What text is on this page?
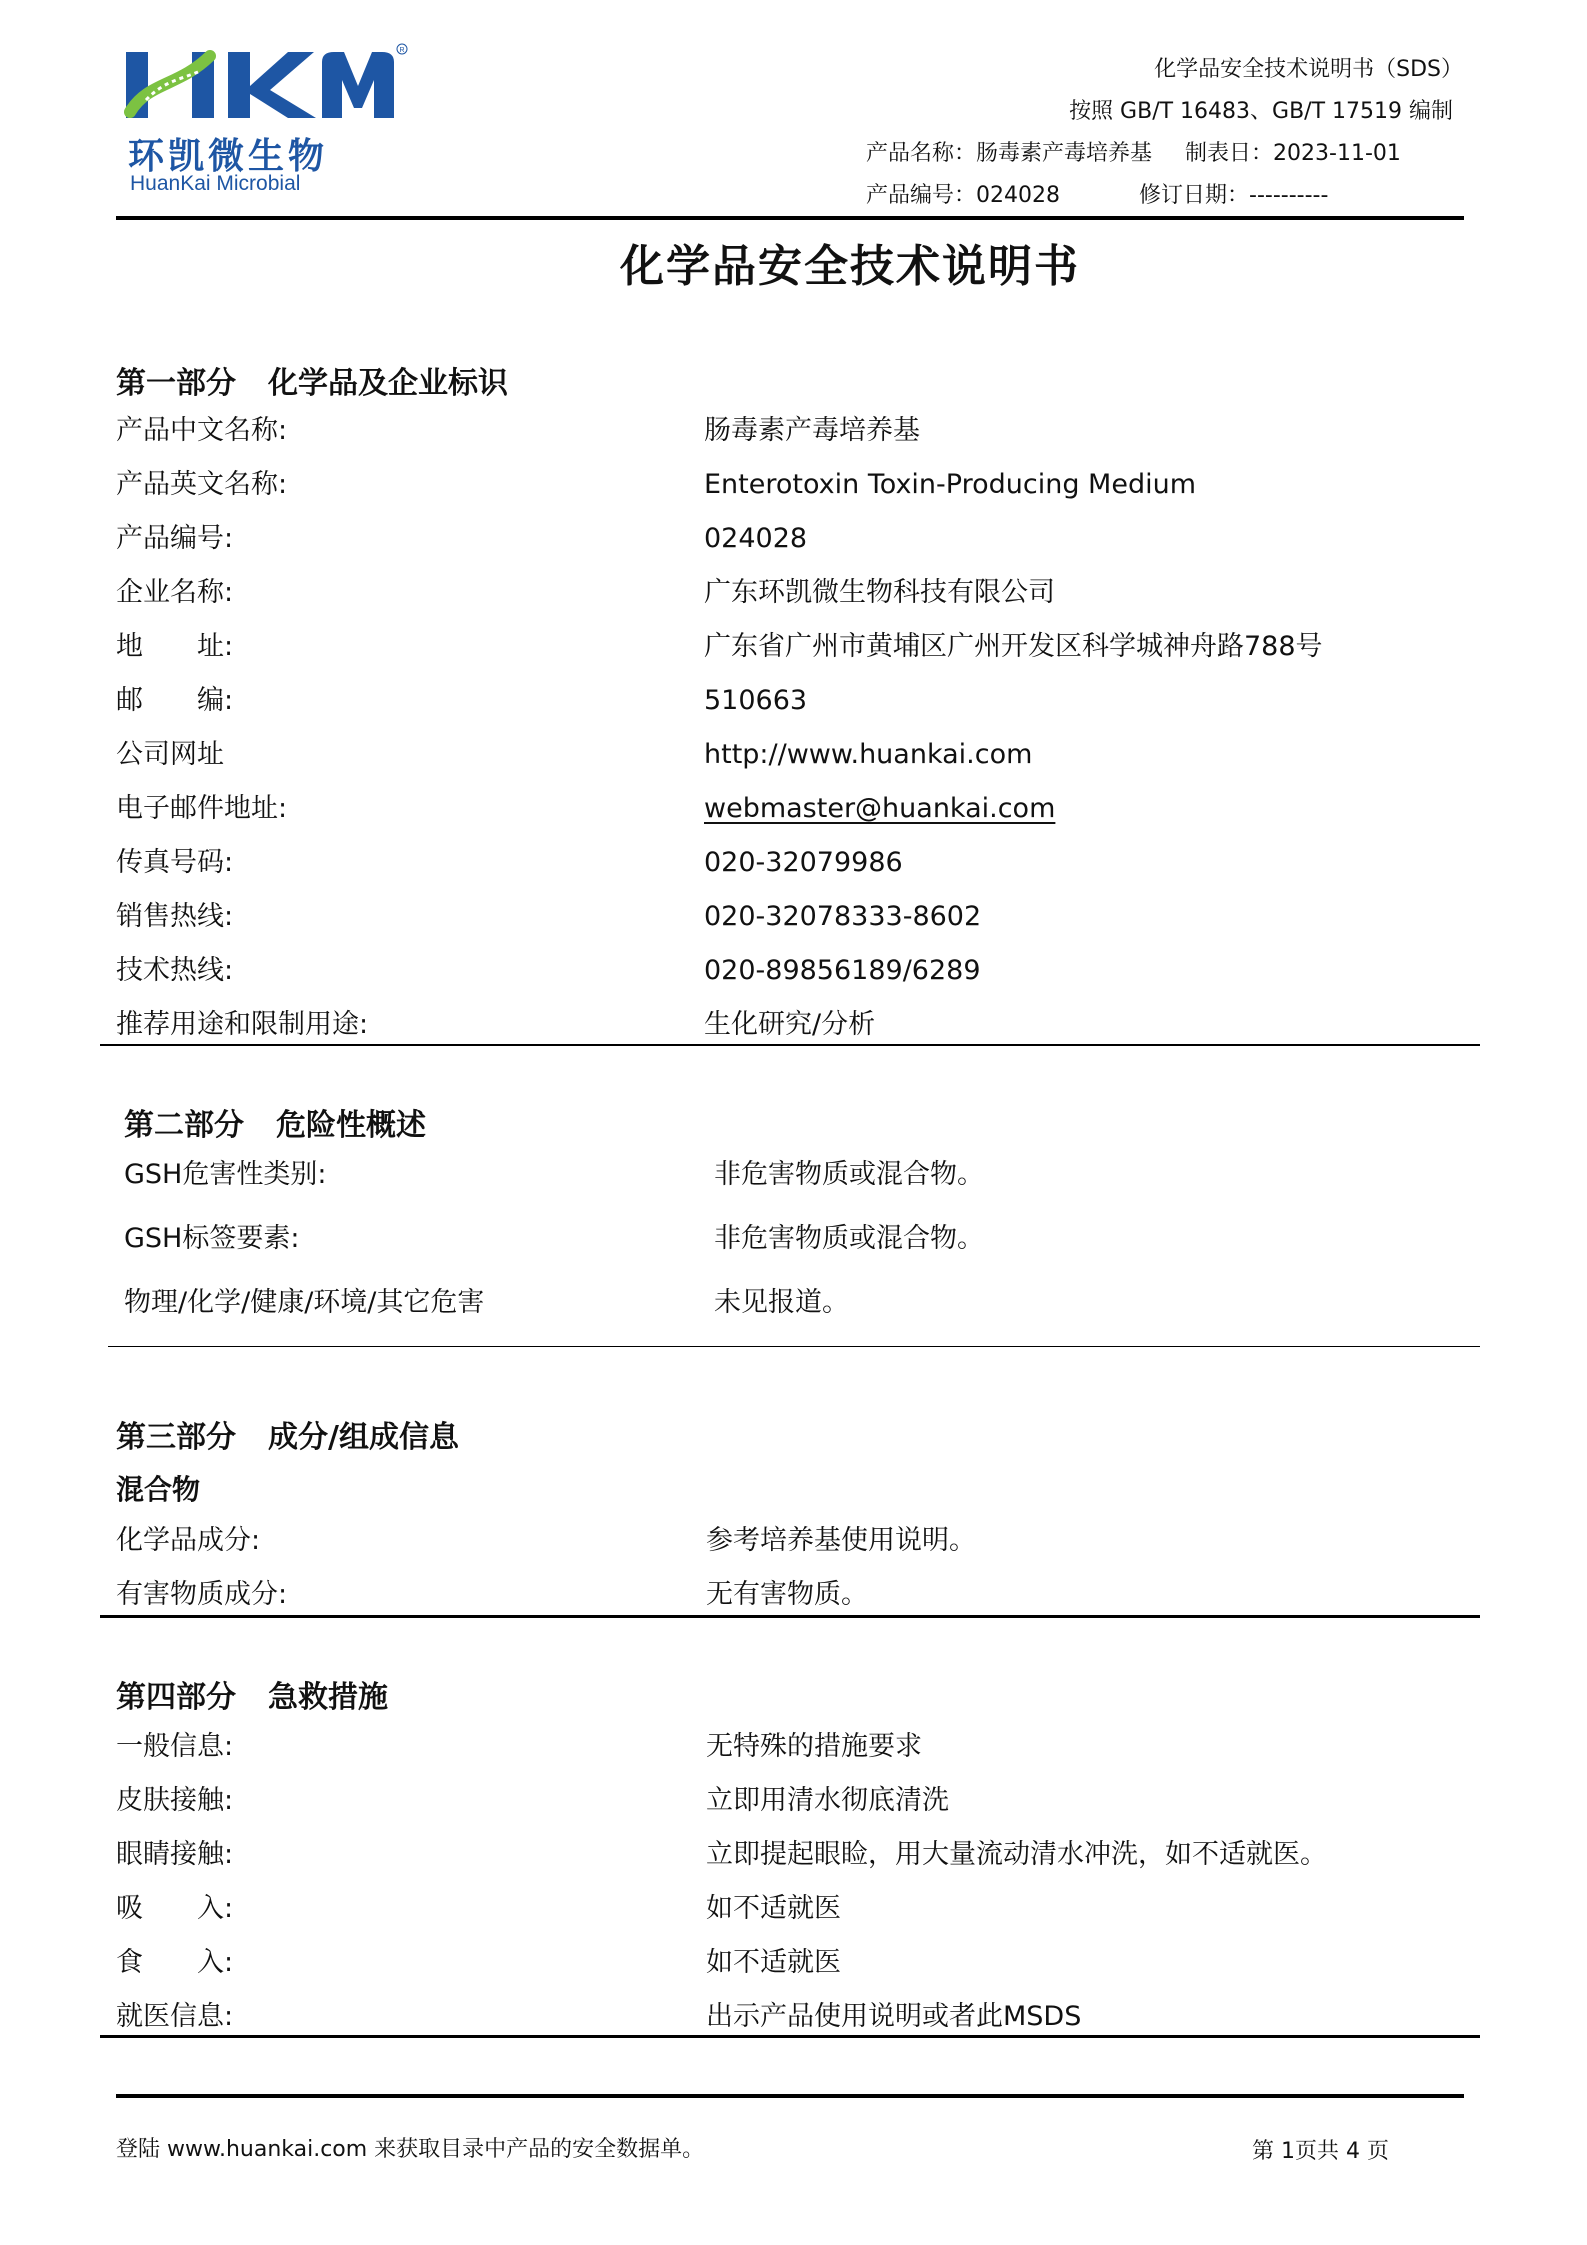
R
环凯微生物
HuanKai Microbial
化学品安全技术说明书（SDS）
按照 GB/T 16483、GB/T 17519 编制
产品名称：肠毒素产毒培养基 制表日：2023-11-01
产品编号：024028	修订日期：----------
化学品安全技术说明书
第一部分 化学品及企业标识
产品中文名称:	肠毒素产毒培养基
产品英文名称:	Enterotoxin Toxin-Producing Medium
产品编号:	024028
企业名称:	广东环凯微生物科技有限公司
地　　址:	广东省广州市黄埔区广州开发区科学城神舟路788号
邮　　编:	510663
公司网址	http://www.huankai.com
电子邮件地址:	webmaster@huankai.com
传真号码:	020-32079986
销售热线:	020-32078333-8602
技术热线:	020-89856189/6289
推荐用途和限制用途:	生化研究/分析
第二部分 危险性概述
GSH危害性类别:	非危害物质或混合物。
GSH标签要素:	非危害物质或混合物。
物理/化学/健康/环境/其它危害	未见报道。
第三部分 成分/组成信息
混合物
化学品成分:	参考培养基使用说明。
有害物质成分:	无有害物质。
第四部分 急救措施
一般信息:	无特殊的措施要求
皮肤接触:	立即用清水彻底清洗
眼睛接触:	立即提起眼睑，用大量流动清水冲洗，如不适就医。
吸　　入:	如不适就医
食　　入:	如不适就医
就医信息:	出示产品使用说明或者此MSDS
登陆 www.huankai.com 来获取目录中产品的安全数据单。	第 1页共 4 页
